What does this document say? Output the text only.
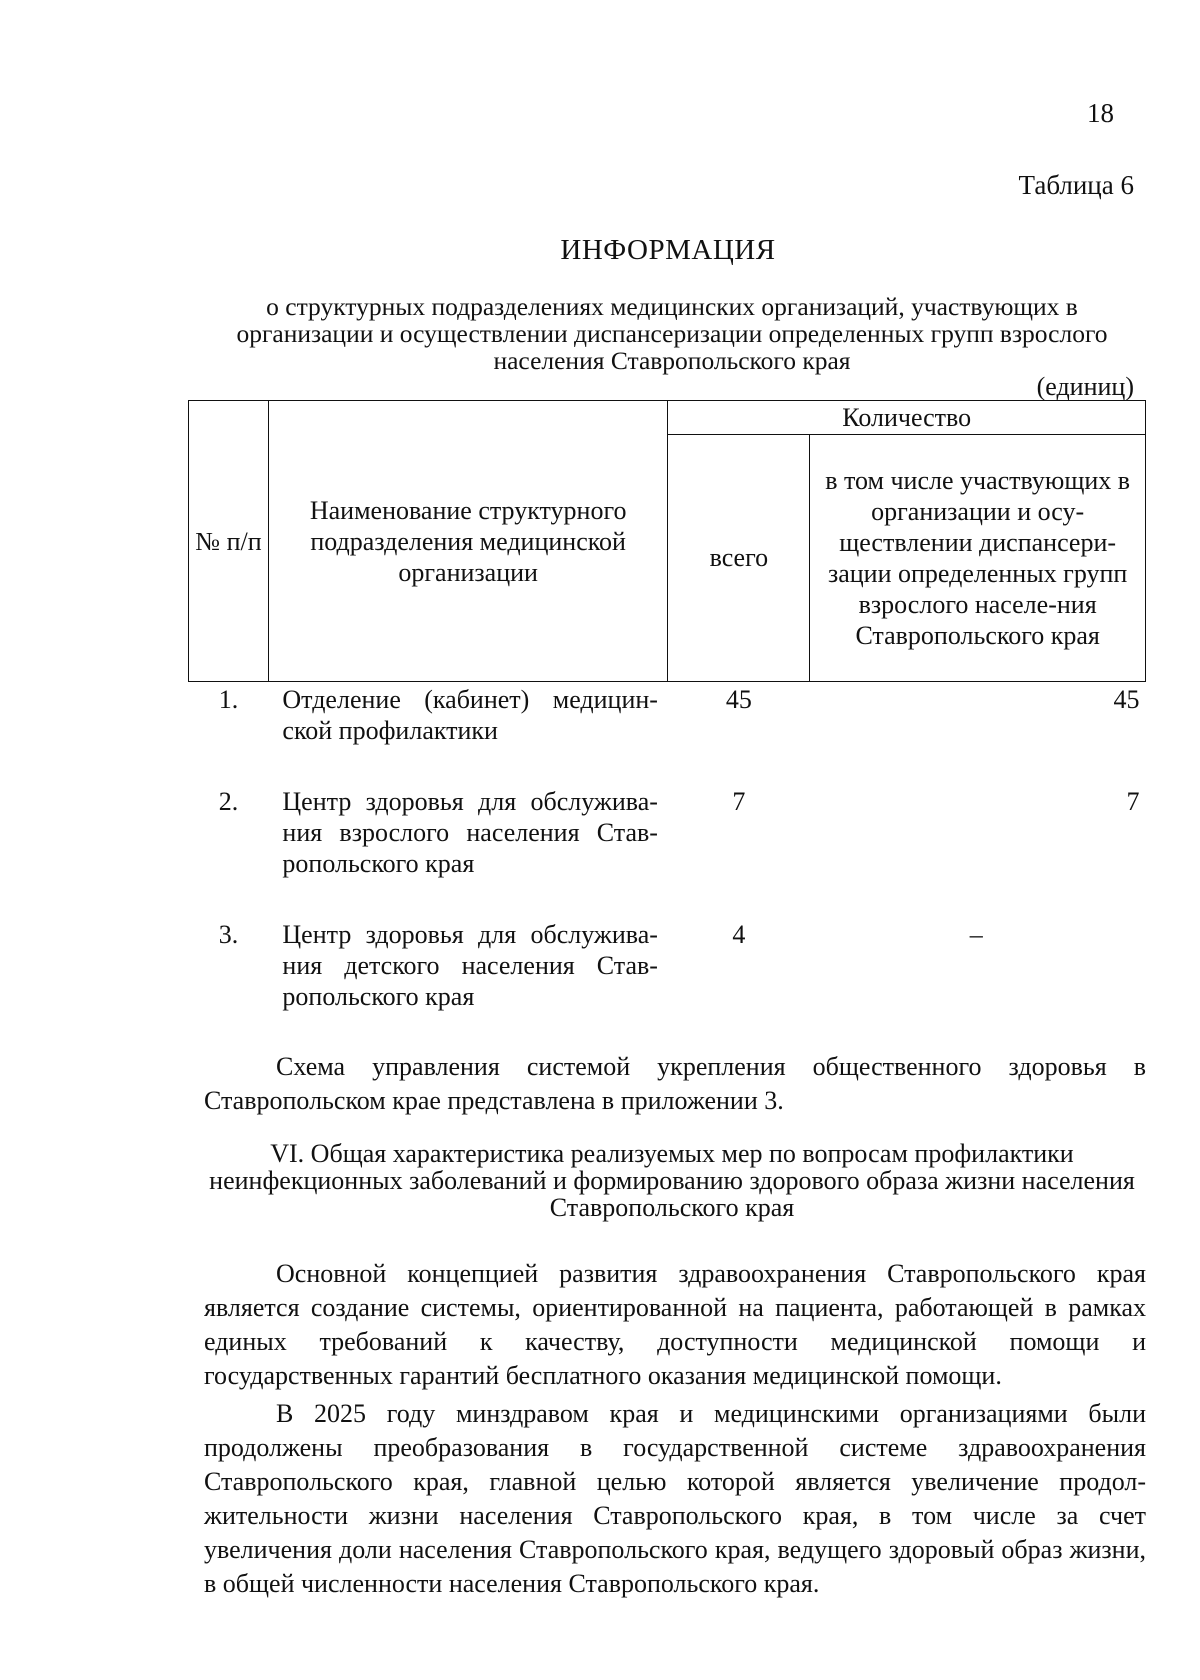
18
Таблица 6
ИНФОРМАЦИЯ
о структурных подразделениях медицинских организаций, участвующих в организации и осуществлении диспансеризации определенных групп взрослого населения Ставропольского края
(единиц)
№ п/п	Наименование структурного подразделения медицинской организации	Количество	
		всего	в том числе участвующих в организации и осу-ществлении диспансери-зации определенных групп взрослого населе-ния Ставропольского края
1.	Отделение (кабинет) медицин-ской профилактики	45	45
2.	Центр здоровья для обслужива-ния взрослого населения Став-ропольского края	7	7
3.	Центр здоровья для обслужива-ния детского населения Став-ропольского края	4	–
Схема управления системой укрепления общественного здоровья в Ставропольском крае представлена в приложении 3.
VI. Общая характеристика реализуемых мер по вопросам профилактики неинфекционных заболеваний и формированию здорового образа жизни населения Ставропольского края
Основной концепцией развития здравоохранения Ставропольского края является создание системы, ориентированной на пациента, работающей в рамках единых требований к качеству, доступности медицинской помощи и государственных гарантий бесплатного оказания медицинской помощи.
В 2025 году минздравом края и медицинскими организациями были продолжены преобразования в государственной системе здравоохранения Ставропольского края, главной целью которой является увеличение продол-жительности жизни населения Ставропольского края, в том числе за счет увеличения доли населения Ставропольского края, ведущего здоровый образ жизни, в общей численности населения Ставропольского края.
